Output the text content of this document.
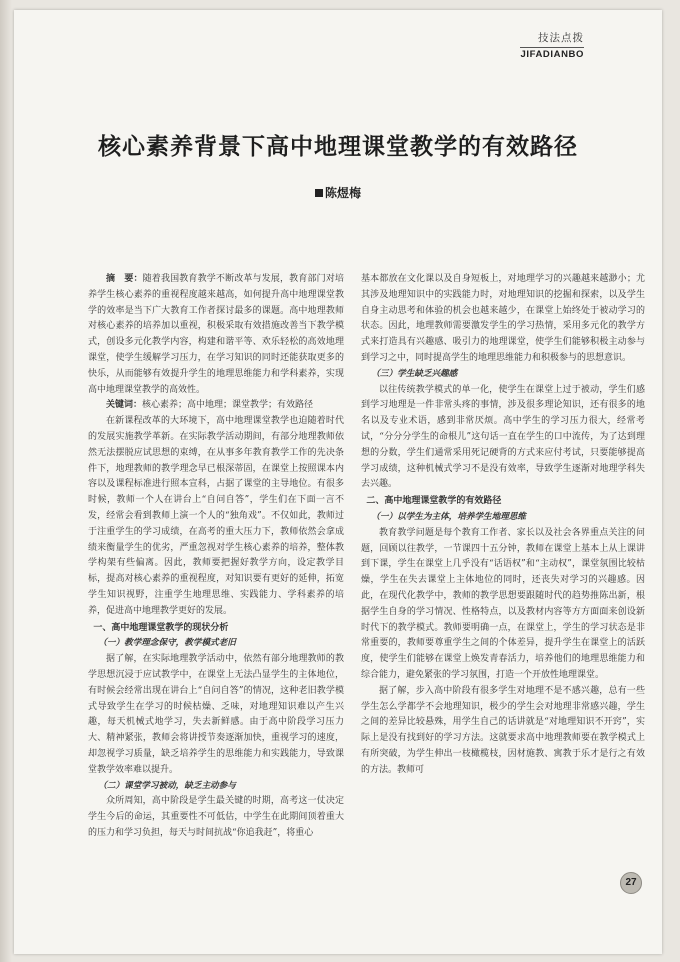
技法点拨
JIFADIANBO
核心素养背景下高中地理课堂教学的有效路径
陈煜梅

摘　要：随着我国教育教学不断改革与发展，教育部门对培养学生核心素养的重视程度越来越高，如何提升高中地理课堂教学的效率是当下广大教育工作者探讨最多的课题。高中地理教师对核心素养的培养加以重视，积极采取有效措施改善当下教学模式，创设多元化教学内容，构建和谐平等、欢乐轻松的高效地理课堂，使学生缓解学习压力，在学习知识的同时还能获取更多的快乐，从而能够有效提升学生的地理思维能力和学科素养，实现高中地理课堂教学的高效性。

关键词：核心素养；高中地理；课堂教学；有效路径

在新课程改革的大环境下，高中地理课堂教学也迫随着时代的发展实施教学革新。在实际教学活动期间，有部分地理教师依然无法摆脱应试思想的束缚，在从事多年教育教学工作的先决条件下，地理教师的教学理念早已根深蒂固，在课堂上按照课本内容以及课程标准进行照本宣科，占据了课堂的主导地位。有很多时候，教师一个人在讲台上“自问自答”，学生们在下面一言不发，经常会看到教师上演一个人的“独角戏”。不仅如此，教师过于注重学生的学习成绩，在高考的重大压力下，教师依然会拿成绩来衡量学生的优劣，严重忽视对学生核心素养的培养，整体教学构架有些偏离。因此，教师要把握好教学方向，设定教学目标，提高对核心素养的重视程度，对知识要有更好的延伸，拓宽学生知识视野，注重学生地理思维、实践能力、学科素养的培养，促进高中地理教学更好的发展。

一、高中地理课堂教学的现状分析
（一）教学理念保守，教学模式老旧

据了解，在实际地理教学活动中，依然有部分地理教师的教学思想沉浸于应试教学中，在课堂上无法凸显学生的主体地位，有时候会经常出现在讲台上“自问自答”的情况，这种老旧教学模式导致学生在学习的时候枯燥、乏味，对地理知识难以产生兴趣，每天机械式地学习，失去新鲜感。由于高中阶段学习压力大、精神紧张，教师会将讲授节奏逐渐加快，重视学习的速度，却忽视学习质量，缺乏培养学生的思维能力和实践能力，导致课堂教学效率难以提升。

（二）课堂学习被动，缺乏主动参与

众所周知，高中阶段是学生最关键的时期，高考这一仗决定学生今后的命运，其重要性不可低估，中学生在此期间顶着重大的压力和学习负担，每天与时间抗战“你追我赶”，将重心

基本都放在文化课以及自身短板上，对地理学习的兴趣越来越渺小；尤其涉及地理知识中的实践能力时，对地理知识的挖掘和探索，以及学生自身主动思考和体验的机会也越来越少，在课堂上始终处于被动学习的状态。因此，地理教师需要激发学生的学习热情，采用多元化的教学方式来打造具有兴趣感、吸引力的地理课堂，使学生们能够积极主动参与到学习之中，同时提高学生的地理思维能力和积极参与的思想意识。

（三）学生缺乏兴趣感

以往传统教学模式的单一化，使学生在课堂上过于被动，学生们感到学习地理是一件非常头疼的事情，涉及很多理论知识，还有很多的地名以及专业术语，感到非常厌烦。高中学生的学习压力很大，经常考试，“分分分学生的命根儿”这句话一直在学生的口中流传，为了达到理想的分数，学生们通常采用死记硬背的方式来应付考试，只要能够提高学习成绩，这种机械式学习不是没有效率，导致学生逐渐对地理学科失去兴趣。

二、高中地理课堂教学的有效路径
（一）以学生为主体，培养学生地理思维

教育教学问题是每个教育工作者、家长以及社会各界重点关注的问题，回顾以往教学，一节课四十五分钟，教师在课堂上基本上从上课讲到下课，学生在课堂上几乎没有“话语权”和“主动权”，课堂氛围比较枯燥，学生在失去课堂上主体地位的同时，还丧失对学习的兴趣感。因此，在现代化教学中，教师的教学思想要跟随时代的趋势推陈出新，根据学生自身的学习情况、性格特点，以及教材内容等方方面面来创设新时代下的教学模式。教师要明确一点，在课堂上，学生的学习状态是非常重要的，教师要尊重学生之间的个体差异，提升学生在课堂上的活跃度，使学生们能够在课堂上焕发青春活力，培养他们的地理思维能力和综合能力，避免紧张的学习氛围，打造一个开放性地理课堂。

据了解，步入高中阶段有很多学生对地理不是不感兴趣，总有一些学生怎么学都学不会地理知识，极少的学生会对地理非常感兴趣，学生之间的差异比较悬殊，用学生自己的话讲就是“对地理知识不开窍”，实际上是没有找到好的学习方法。这就要求高中地理教师要在教学模式上有所突破，为学生伸出一枝橄榄枝，因材施教、寓教于乐才是行之有效的方法。教师可

27
